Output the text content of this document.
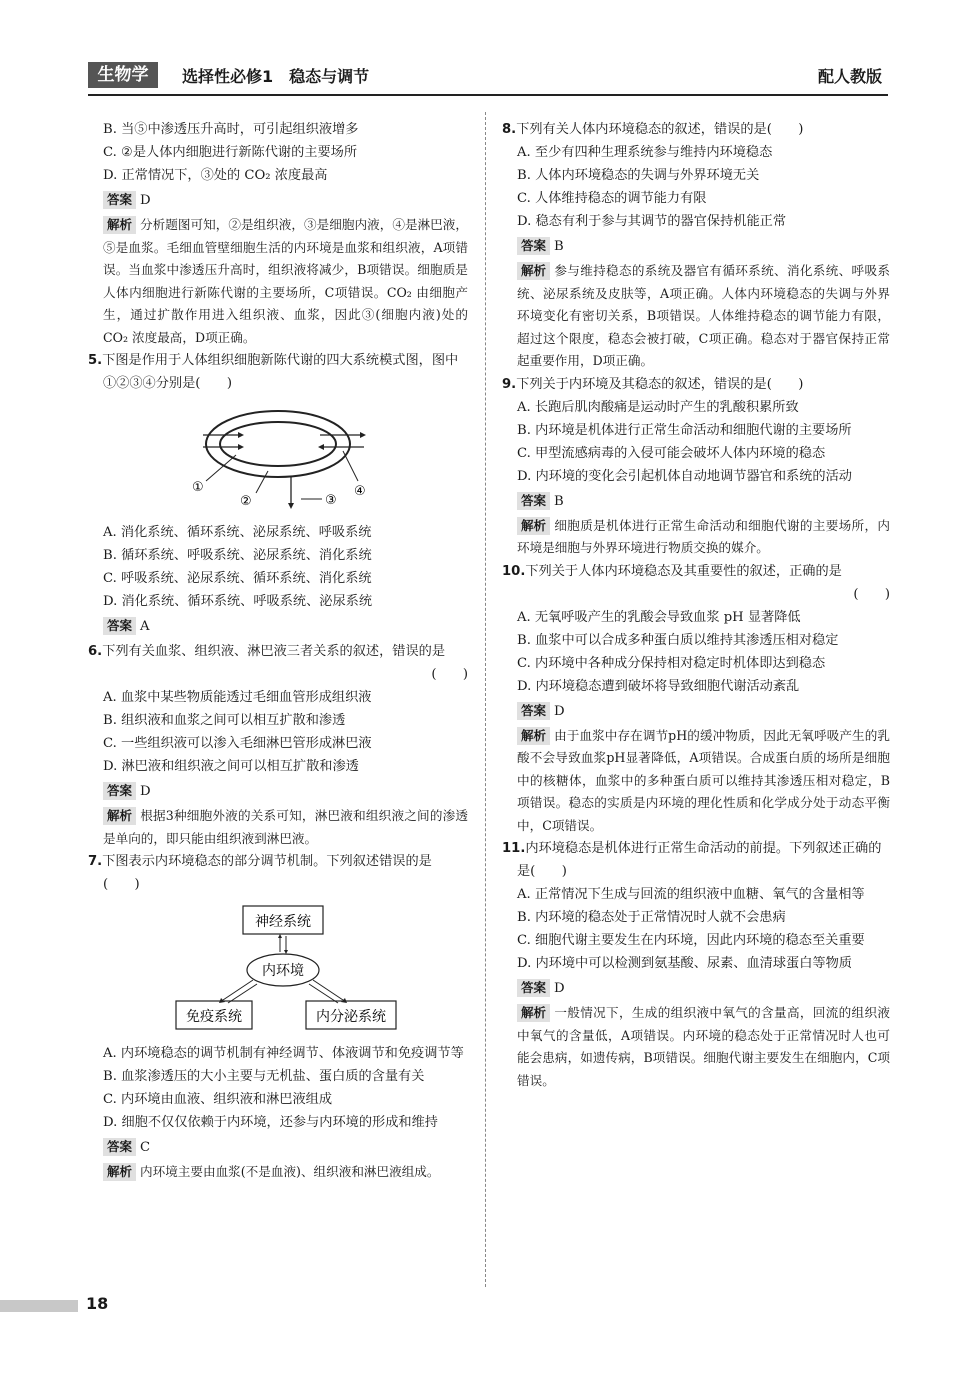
生物学	选择性必修1　稳态与调节	配人教版

B. 当⑤中渗透压升高时，可引起组织液增多

C. ②是人体内细胞进行新陈代谢的主要场所

D. 正常情况下，③处的 CO₂ 浓度最高

答案 D
解析 分析题图可知，②是组织液，③是细胞内液，④是淋巴液，⑤是血浆。毛细血管壁细胞生活的内环境是血浆和组织液，A项错误。当血浆中渗透压升高时，组织液将减少，B项错误。细胞质是人体内细胞进行新陈代谢的主要场所，C项错误。CO₂ 由细胞产生，通过扩散作用进入组织液、血浆，因此③(细胞内液)处的 CO₂ 浓度最高，D项正确。

5.下图是作用于人体组织细胞新陈代谢的四大系统模式图，图中①②③④分别是(　　)

①
②	③
④

A. 消化系统、循环系统、泌尿系统、呼吸系统

B. 循环系统、呼吸系统、泌尿系统、消化系统

C. 呼吸系统、泌尿系统、循环系统、消化系统

D. 消化系统、循环系统、呼吸系统、泌尿系统

答案 A

6.下列有关血浆、组织液、淋巴液三者关系的叙述，错误的是

(　　)

A. 血浆中某些物质能透过毛细血管形成组织液

B. 组织液和血浆之间可以相互扩散和渗透

C. 一些组织液可以渗入毛细淋巴管形成淋巴液

D. 淋巴液和组织液之间可以相互扩散和渗透

答案 D
解析 根据3种细胞外液的关系可知，淋巴液和组织液之间的渗透是单向的，即只能由组织液到淋巴液。

7.下图表示内环境稳态的部分调节机制。下列叙述错误的是(　　)

神经系统
内环境
免疫系统	内分泌系统

A. 内环境稳态的调节机制有神经调节、体液调节和免疫调节等

B. 血浆渗透压的大小主要与无机盐、蛋白质的含量有关

C. 内环境由血液、组织液和淋巴液组成

D. 细胞不仅仅依赖于内环境，还参与内环境的形成和维持

答案 C
解析 内环境主要由血浆(不是血液)、组织液和淋巴液组成。

8.下列有关人体内环境稳态的叙述，错误的是(　　)

A. 至少有四种生理系统参与维持内环境稳态

B. 人体内环境稳态的失调与外界环境无关

C. 人体维持稳态的调节能力有限

D. 稳态有利于参与其调节的器官保持机能正常

答案 B
解析 参与维持稳态的系统及器官有循环系统、消化系统、呼吸系统、泌尿系统及皮肤等，A项正确。人体内环境稳态的失调与外界环境变化有密切关系，B项错误。人体维持稳态的调节能力有限，超过这个限度，稳态会被打破，C项正确。稳态对于器官保持正常起重要作用，D项正确。

9.下列关于内环境及其稳态的叙述，错误的是(　　)

A. 长跑后肌肉酸痛是运动时产生的乳酸积累所致

B. 内环境是机体进行正常生命活动和细胞代谢的主要场所

C. 甲型流感病毒的入侵可能会破坏人体内环境的稳态

D. 内环境的变化会引起机体自动地调节器官和系统的活动

答案 B
解析 细胞质是机体进行正常生命活动和细胞代谢的主要场所，内环境是细胞与外界环境进行物质交换的媒介。

10.下列关于人体内环境稳态及其重要性的叙述，正确的是

(　　)

A. 无氧呼吸产生的乳酸会导致血浆 pH 显著降低

B. 血浆中可以合成多种蛋白质以维持其渗透压相对稳定

C. 内环境中各种成分保持相对稳定时机体即达到稳态

D. 内环境稳态遭到破坏将导致细胞代谢活动紊乱

答案 D
解析 由于血浆中存在调节pH的缓冲物质，因此无氧呼吸产生的乳酸不会导致血浆pH显著降低，A项错误。合成蛋白质的场所是细胞中的核糖体，血浆中的多种蛋白质可以维持其渗透压相对稳定，B项错误。稳态的实质是内环境的理化性质和化学成分处于动态平衡中，C项错误。

11.内环境稳态是机体进行正常生命活动的前提。下列叙述正确的是(　　)

A. 正常情况下生成与回流的组织液中血糖、氧气的含量相等

B. 内环境的稳态处于正常情况时人就不会患病

C. 细胞代谢主要发生在内环境，因此内环境的稳态至关重要

D. 内环境中可以检测到氨基酸、尿素、血清球蛋白等物质

答案 D
解析 一般情况下，生成的组织液中氧气的含量高，回流的组织液中氧气的含量低，A项错误。内环境的稳态处于正常情况时人也可能会患病，如遗传病，B项错误。细胞代谢主要发生在细胞内，C项错误。
18
